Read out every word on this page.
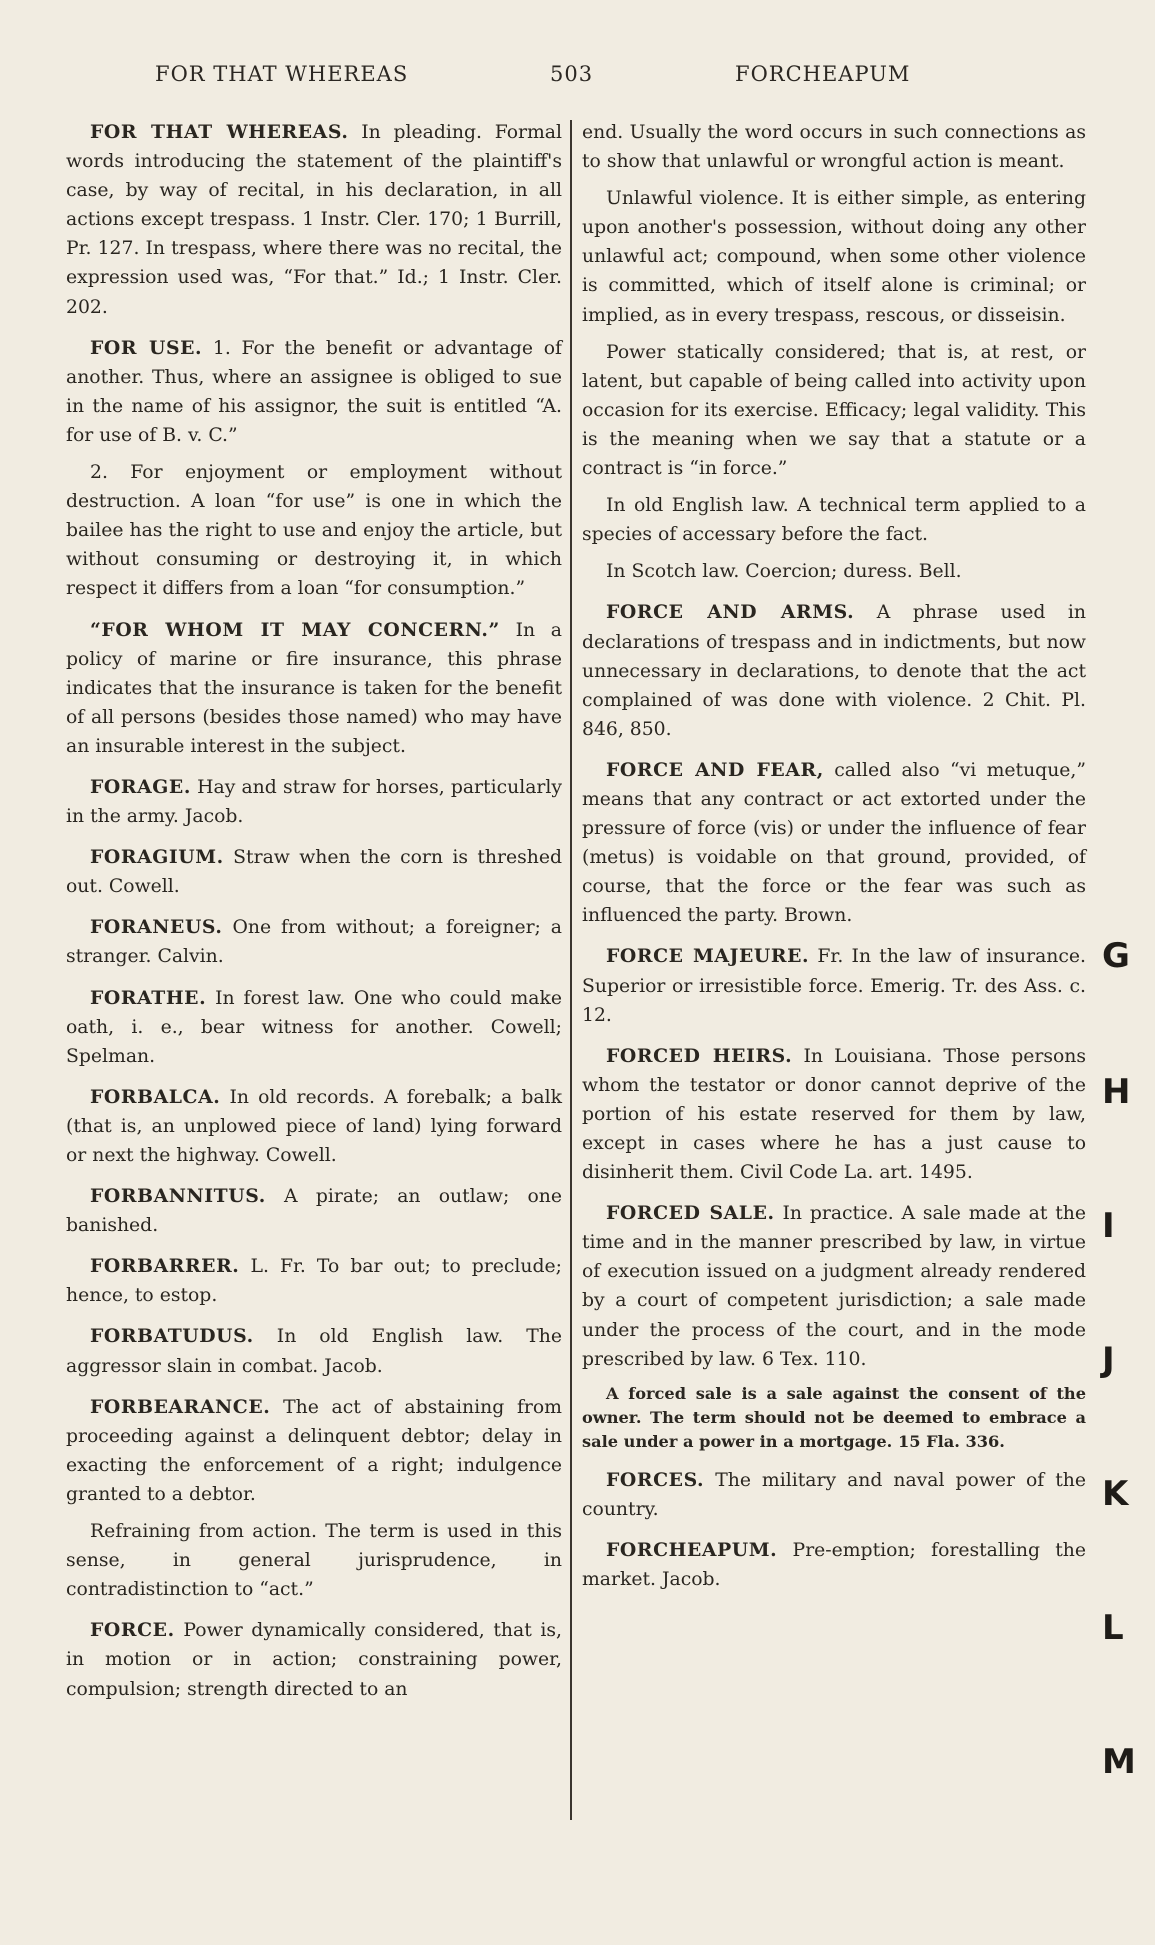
FOR THAT WHEREAS	503	FORCHEAPUM

FOR THAT WHEREAS. In pleading. Formal words introducing the statement of the plaintiff's case, by way of recital, in his declaration, in all actions except trespass. 1 Instr. Cler. 170; 1 Burrill, Pr. 127. In trespass, where there was no recital, the expression used was, “For that.” Id.; 1 Instr. Cler. 202.

FOR USE. 1. For the benefit or advantage of another. Thus, where an assignee is obliged to sue in the name of his assignor, the suit is entitled “A. for use of B. v. C.”

2. For enjoyment or employment without destruction. A loan “for use” is one in which the bailee has the right to use and enjoy the article, but without consuming or destroying it, in which respect it differs from a loan “for consumption.”

“FOR WHOM IT MAY CONCERN.” In a policy of marine or fire insurance, this phrase indicates that the insurance is taken for the benefit of all persons (besides those named) who may have an insurable interest in the subject.

FORAGE. Hay and straw for horses, particularly in the army. Jacob.

FORAGIUM. Straw when the corn is threshed out. Cowell.

FORANEUS. One from without; a foreigner; a stranger. Calvin.

FORATHE. In forest law. One who could make oath, i. e., bear witness for another. Cowell; Spelman.

FORBALCA. In old records. A forebalk; a balk (that is, an unplowed piece of land) lying forward or next the highway. Cowell.

FORBANNITUS. A pirate; an outlaw; one banished.

FORBARRER. L. Fr. To bar out; to preclude; hence, to estop.

FORBATUDUS. In old English law. The aggressor slain in combat. Jacob.

FORBEARANCE. The act of abstaining from proceeding against a delinquent debtor; delay in exacting the enforcement of a right; indulgence granted to a debtor.

Refraining from action. The term is used in this sense, in general jurisprudence, in contradistinction to “act.”

FORCE. Power dynamically considered, that is, in motion or in action; constraining power, compulsion; strength directed to an

end. Usually the word occurs in such connections as to show that unlawful or wrongful action is meant.

Unlawful violence. It is either simple, as entering upon another's possession, without doing any other unlawful act; compound, when some other violence is committed, which of itself alone is criminal; or implied, as in every trespass, rescous, or disseisin.

Power statically considered; that is, at rest, or latent, but capable of being called into activity upon occasion for its exercise. Efficacy; legal validity. This is the meaning when we say that a statute or a contract is “in force.”

In old English law. A technical term applied to a species of accessary before the fact.

In Scotch law. Coercion; duress. Bell.

FORCE AND ARMS. A phrase used in declarations of trespass and in indictments, but now unnecessary in declarations, to denote that the act complained of was done with violence. 2 Chit. Pl. 846, 850.

FORCE AND FEAR, called also “vi metuque,” means that any contract or act extorted under the pressure of force (vis) or under the influence of fear (metus) is voidable on that ground, provided, of course, that the force or the fear was such as influenced the party. Brown.

FORCE MAJEURE. Fr. In the law of insurance. Superior or irresistible force. Emerig. Tr. des Ass. c. 12.

FORCED HEIRS. In Louisiana. Those persons whom the testator or donor cannot deprive of the portion of his estate reserved for them by law, except in cases where he has a just cause to disinherit them. Civil Code La. art. 1495.

FORCED SALE. In practice. A sale made at the time and in the manner prescribed by law, in virtue of execution issued on a judgment already rendered by a court of competent jurisdiction; a sale made under the process of the court, and in the mode prescribed by law. 6 Tex. 110.

A forced sale is a sale against the consent of the owner. The term should not be deemed to embrace a sale under a power in a mortgage. 15 Fla. 336.

FORCES. The military and naval power of the country.

FORCHEAPUM. Pre-emption; forestalling the market. Jacob.

G
H
I
J
K
L
M
